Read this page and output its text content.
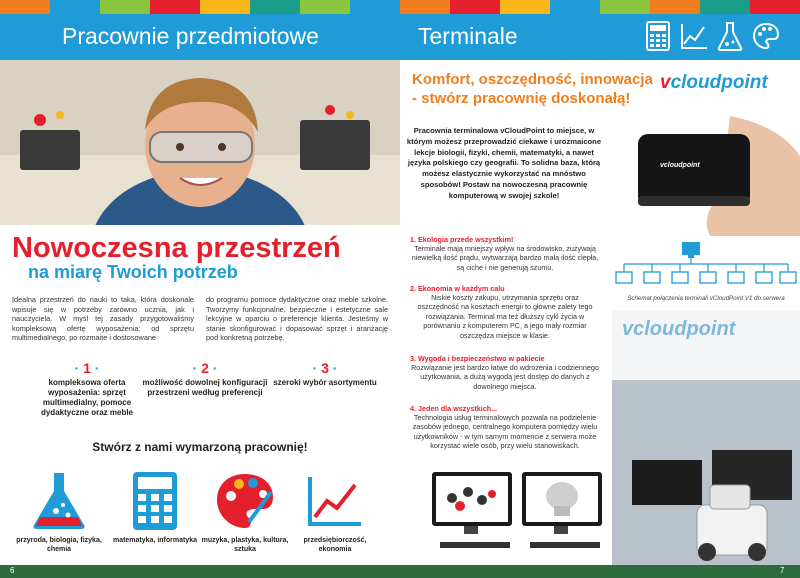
Pracownie przedmiotowe	Terminale
Nowoczesna przestrzeń
na miarę Twoich potrzeb
Idealna przestrzeń do nauki to taka, która doskonale wpisuje się w potrzeby zarówno ucznia, jak i nauczyciela. W myśl tej zasady przygotowaliśmy kompleksową ofertę wyposażenia: od sprzętu multimedialnego, po rozmaite i dostosowane
do programu pomoce dydaktyczne oraz meble szkolne. Tworzymy funkcjonalne, bezpieczne i estetyczne sale lekcyjne w oparciu o preferencje klienta. Jesteśmy w stanie skonfigurować i dopasować sprzęt i aranżację pod konkretną potrzebę.
· 1 ·
kompleksowa oferta wyposażenia: sprzęt multimedialny, pomoce dydaktyczne oraz meble
· 2 ·
możliwość dowolnej konfiguracji przestrzeni według preferencji
· 3 ·
szeroki wybór asortymentu
Stwórz z nami wymarzoną pracownię!
przyroda, biologia, fizyka, chemia
matematyka, informatyka muzyka, plastyka, kultura, sztuka
przedsiębiorczość, ekonomia
Komfort, oszczędność, innowacja
- stwórz pracownię doskonałą!
vcloudpoint
Pracownia terminalowa vCloudPoint to miejsce, w którym możesz przeprowadzić ciekawe i urozmaicone lekcje biologii, fizyki, chemii, matematyki, a nawet języka polskiego czy geografii. To solidna baza, którą możesz elastycznie wykorzystać na mnóstwo sposobów! Postaw na nowoczesną pracownię komputerową w swojej szkole!
vcloudpoint
1. Ekologia przede wszystkim!
Terminale mają mniejszy wpływ na środowisko, zużywają niewielką ilość prądu, wytwarzają bardzo małą ilość ciepła, są ciche i nie generują szumu.
2. Ekonomia w każdym calu
Niskie koszty zakupu, utrzymania sprzętu oraz oszczędność na kosztach energii to główne zalety tego rozwiązania. Terminal ma też dłuższy cykl życia w porównaniu z komputerem PC, a jego mały rozmiar oszczędza miejsce w klasie.
3. Wygoda i bezpieczeństwo w pakiecie
Rozwiązanie jest bardzo łatwe do wdrożenia i codziennego użytkowania, a dużą wygodą jest dostęp do danych z dowolnego miejsca.
4. Jeden dla wszystkich...
Technologia usług terminalowych pozwala na podzielenie zasobów jednego, centralnego komputera pomiędzy wielu użytkowników - w tym samym momencie z serwera może korzystać wiele osób, przy wielu stanowiskach.
Schemat połączenia terminali vCloudPoint V1 do serwera
vcloudpoint
6	7
